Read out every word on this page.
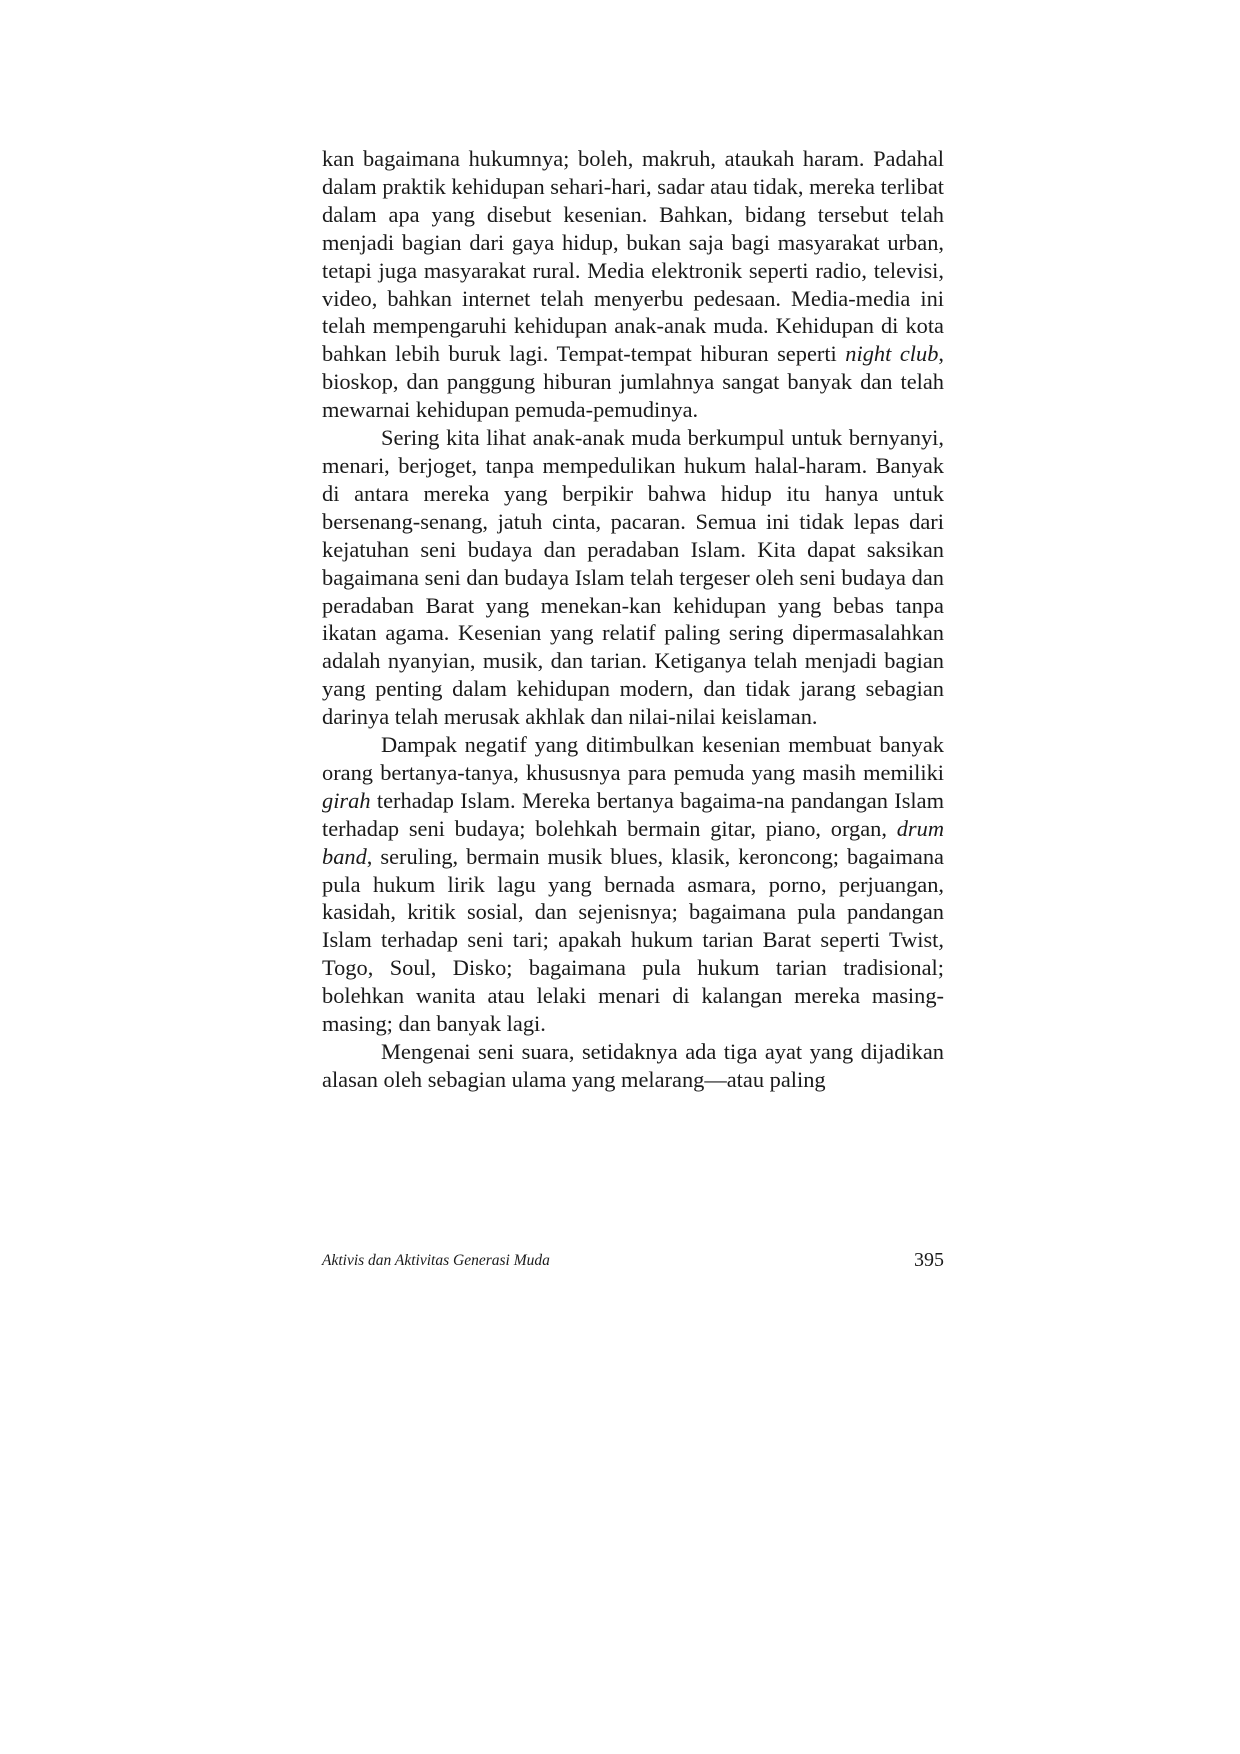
kan bagaimana hukumnya; boleh, makruh, ataukah haram. Padahal dalam praktik kehidupan sehari-hari, sadar atau tidak, mereka terlibat dalam apa yang disebut kesenian. Bahkan, bidang tersebut telah menjadi bagian dari gaya hidup, bukan saja bagi masyarakat urban, tetapi juga masyarakat rural. Media elektronik seperti radio, televisi, video, bahkan internet telah menyerbu pedesaan. Media-media ini telah mempengaruhi kehidupan anak-anak muda. Kehidupan di kota bahkan lebih buruk lagi. Tempat-tempat hiburan seperti night club, bioskop, dan panggung hiburan jumlahnya sangat banyak dan telah mewarnai kehidupan pemuda-pemudinya.

Sering kita lihat anak-anak muda berkumpul untuk bernyanyi, menari, berjoget, tanpa mempedulikan hukum halal-haram. Banyak di antara mereka yang berpikir bahwa hidup itu hanya untuk bersenang-senang, jatuh cinta, pacaran. Semua ini tidak lepas dari kejatuhan seni budaya dan peradaban Islam. Kita dapat saksikan bagaimana seni dan budaya Islam telah tergeser oleh seni budaya dan peradaban Barat yang menekan-kan kehidupan yang bebas tanpa ikatan agama. Kesenian yang relatif paling sering dipermasalahkan adalah nyanyian, musik, dan tarian. Ketiganya telah menjadi bagian yang penting dalam kehidupan modern, dan tidak jarang sebagian darinya telah merusak akhlak dan nilai-nilai keislaman.

Dampak negatif yang ditimbulkan kesenian membuat banyak orang bertanya-tanya, khususnya para pemuda yang masih memiliki girah terhadap Islam. Mereka bertanya bagaima-na pandangan Islam terhadap seni budaya; bolehkah bermain gitar, piano, organ, drum band, seruling, bermain musik blues, klasik, keroncong; bagaimana pula hukum lirik lagu yang bernada asmara, porno, perjuangan, kasidah, kritik sosial, dan sejenisnya; bagaimana pula pandangan Islam terhadap seni tari; apakah hukum tarian Barat seperti Twist, Togo, Soul, Disko; bagaimana pula hukum tarian tradisional; bolehkan wanita atau lelaki menari di kalangan mereka masing-masing; dan banyak lagi.

Mengenai seni suara, setidaknya ada tiga ayat yang dijadikan alasan oleh sebagian ulama yang melarang—atau paling

Aktivis dan Aktivitas Generasi Muda	395
